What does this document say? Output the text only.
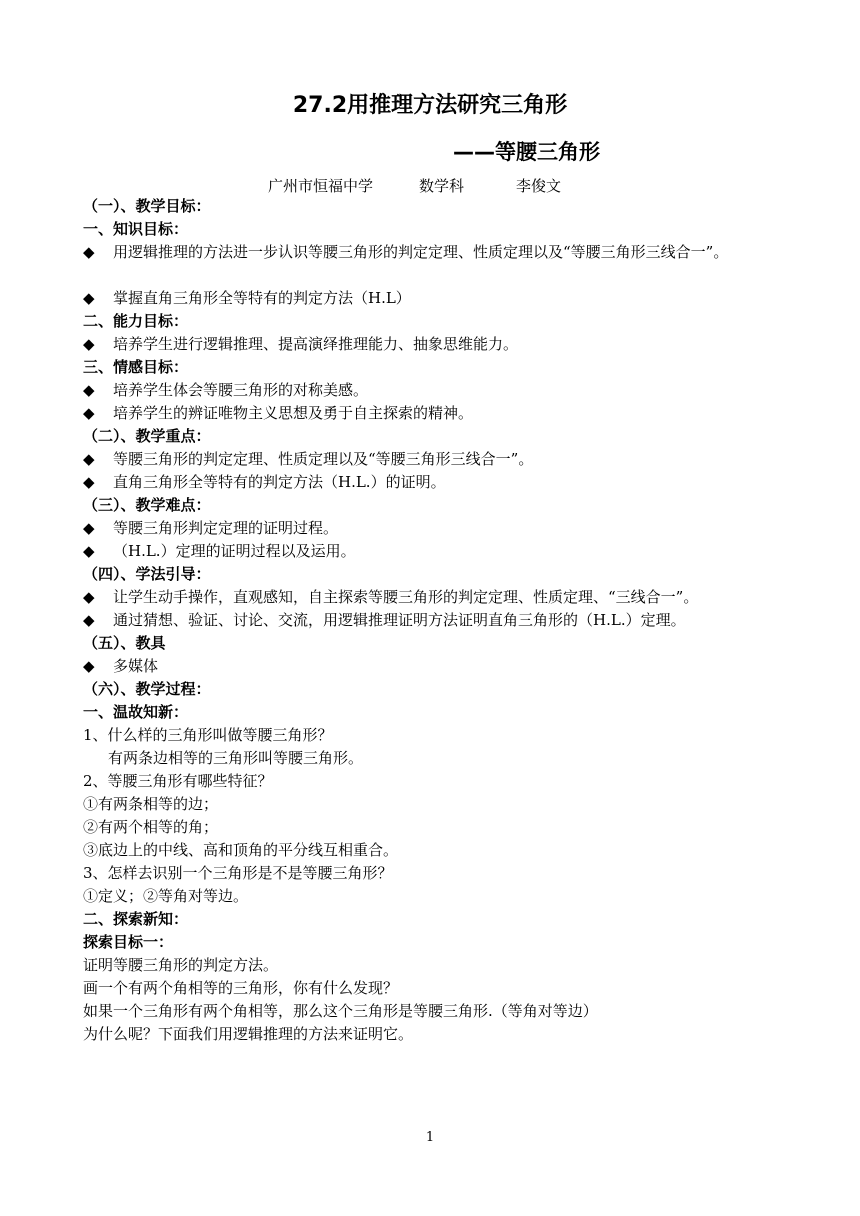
27.2用推理方法研究三角形
——等腰三角形
广州市恒福中学	数学科	李俊文
（一）、教学目标：
一、知识目标：
◆ 用逻辑推理的方法进一步认识等腰三角形的判定定理、性质定理以及“等腰三角形三线合一”。
◆ 掌握直角三角形全等特有的判定方法（H.L）
二、能力目标：
◆ 培养学生进行逻辑推理、提高演绎推理能力、抽象思维能力。
三、情感目标：
◆ 培养学生体会等腰三角形的对称美感。
◆ 培养学生的辨证唯物主义思想及勇于自主探索的精神。
（二）、教学重点：
◆ 等腰三角形的判定定理、性质定理以及“等腰三角形三线合一”。
◆ 直角三角形全等特有的判定方法（H.L.）的证明。
（三）、教学难点：
◆ 等腰三角形判定定理的证明过程。
◆ （H.L.）定理的证明过程以及运用。
（四）、学法引导：
◆ 让学生动手操作，直观感知，自主探索等腰三角形的判定定理、性质定理、“三线合一”。
◆ 通过猜想、验证、讨论、交流，用逻辑推理证明方法证明直角三角形的（H.L.）定理。
（五）、教具
◆ 多媒体
（六）、教学过程：
一、温故知新：
1、什么样的三角形叫做等腰三角形？
有两条边相等的三角形叫等腰三角形。
2、等腰三角形有哪些特征？
①有两条相等的边；
②有两个相等的角；
③底边上的中线、高和顶角的平分线互相重合。
3、怎样去识别一个三角形是不是等腰三角形？
①定义；②等角对等边。
二、探索新知：
探索目标一：
证明等腰三角形的判定方法。
画一个有两个角相等的三角形，你有什么发现？
如果一个三角形有两个角相等，那么这个三角形是等腰三角形.（等角对等边）
为什么呢？下面我们用逻辑推理的方法来证明它。
1
